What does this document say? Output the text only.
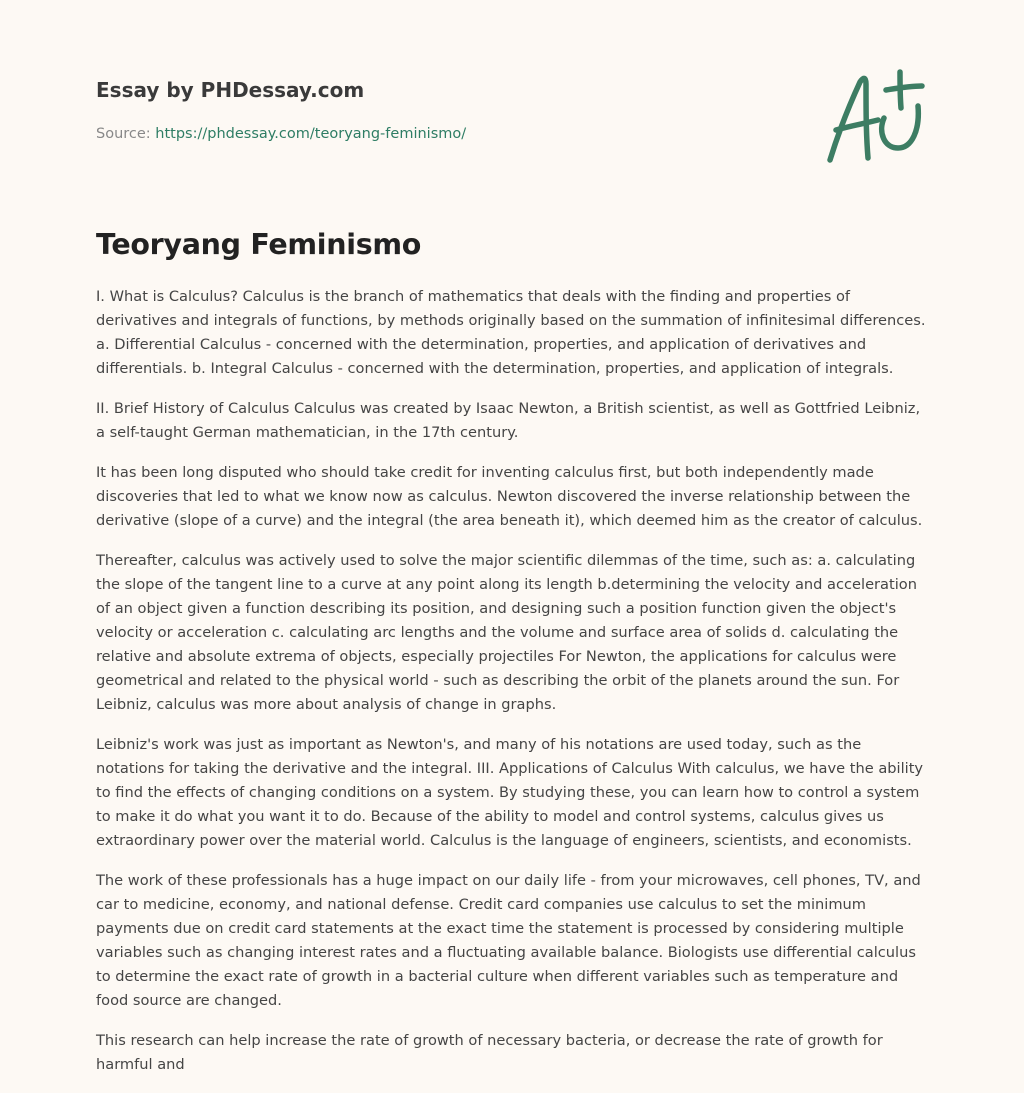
Essay by PHDessay.com
Source: https://phdessay.com/teoryang-feminismo/
Teoryang Feminismo

I. What is Calculus? Calculus is the branch of mathematics that deals with the finding and properties of derivatives and integrals of functions, by methods originally based on the summation of infinitesimal differences. a. Differential Calculus - concerned with the determination, properties, and application of derivatives and differentials. b. Integral Calculus - concerned with the determination, properties, and application of integrals.

II. Brief History of Calculus Calculus was created by Isaac Newton, a British scientist, as well as Gottfried Leibniz, a self-taught German mathematician, in the 17th century.

It has been long disputed who should take credit for inventing calculus first, but both independently made discoveries that led to what we know now as calculus. Newton discovered the inverse relationship between the derivative (slope of a curve) and the integral (the area beneath it), which deemed him as the creator of calculus.

Thereafter, calculus was actively used to solve the major scientific dilemmas of the time, such as: a. calculating the slope of the tangent line to a curve at any point along its length b.determining the velocity and acceleration of an object given a function describing its position, and designing such a position function given the object's velocity or acceleration c. calculating arc lengths and the volume and surface area of solids d. calculating the relative and absolute extrema of objects, especially projectiles For Newton, the applications for calculus were geometrical and related to the physical world - such as describing the orbit of the planets around the sun. For Leibniz, calculus was more about analysis of change in graphs.

Leibniz's work was just as important as Newton's, and many of his notations are used today, such as the notations for taking the derivative and the integral. III. Applications of Calculus With calculus, we have the ability to find the effects of changing conditions on a system. By studying these, you can learn how to control a system to make it do what you want it to do. Because of the ability to model and control systems, calculus gives us extraordinary power over the material world. Calculus is the language of engineers, scientists, and economists.

The work of these professionals has a huge impact on our daily life - from your microwaves, cell phones, TV, and car to medicine, economy, and national defense. Credit card companies use calculus to set the minimum payments due on credit card statements at the exact time the statement is processed by considering multiple variables such as changing interest rates and a fluctuating available balance. Biologists use differential calculus to determine the exact rate of growth in a bacterial culture when different variables such as temperature and food source are changed.

This research can help increase the rate of growth of necessary bacteria, or decrease the rate of growth for harmful and
